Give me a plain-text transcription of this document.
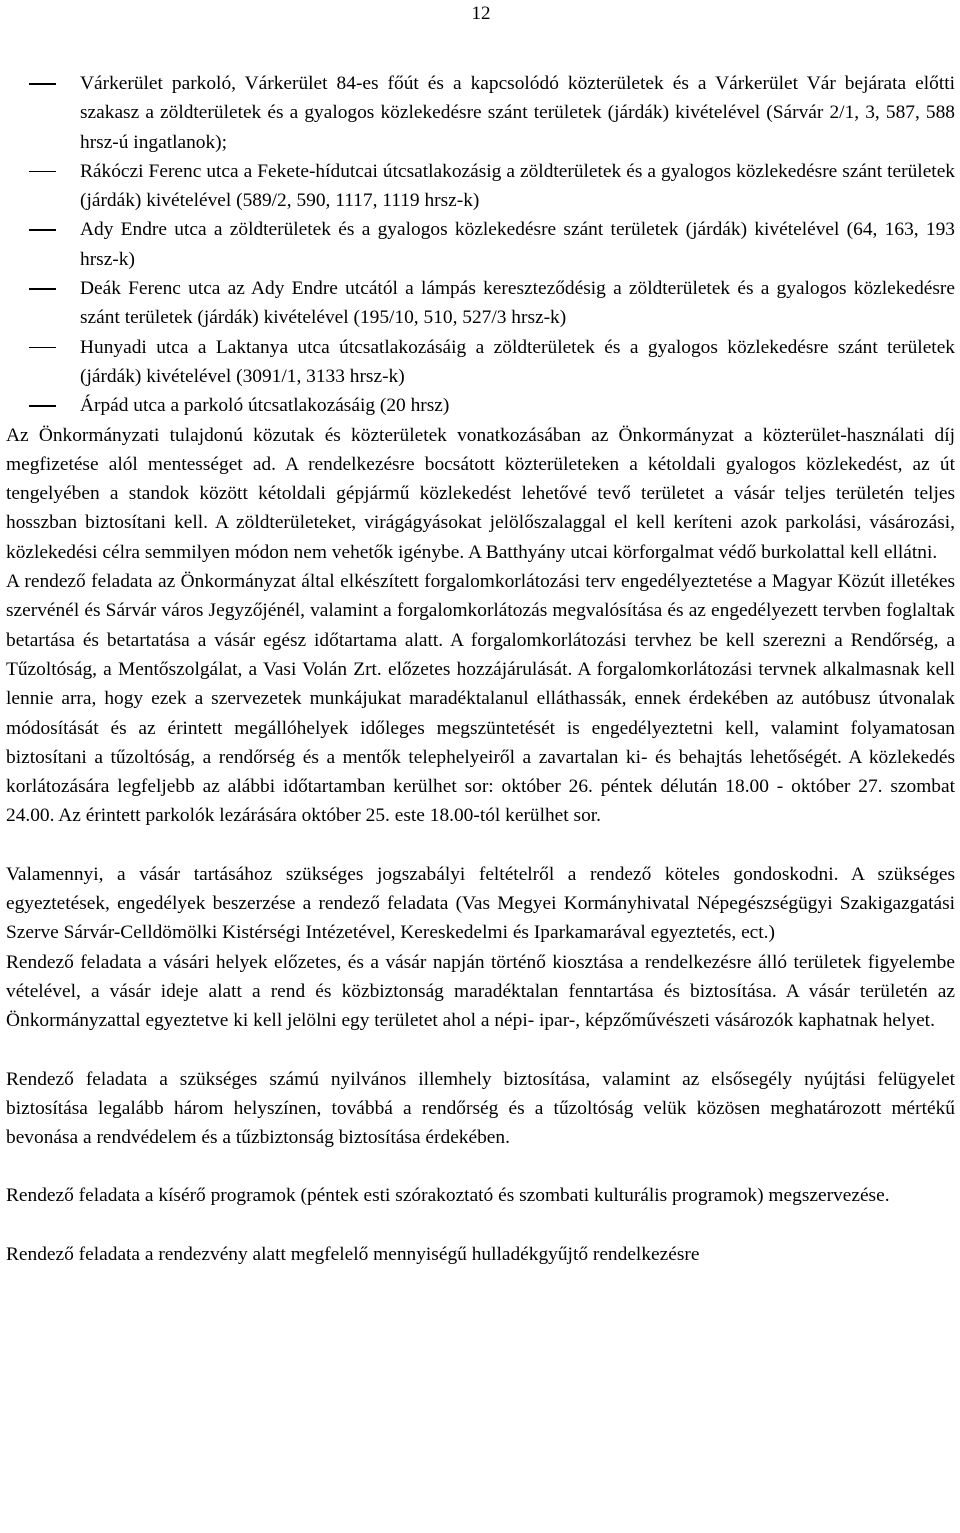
12
Várkerület parkoló, Várkerület 84-es főút és a kapcsolódó közterületek és a Várkerület Vár bejárata előtti szakasz a zöldterületek és a gyalogos közlekedésre szánt területek (járdák) kivételével (Sárvár 2/1, 3, 587, 588 hrsz-ú ingatlanok);
Rákóczi Ferenc utca a Fekete-hídutcai útcsatlakozásig a zöldterületek és a gyalogos közlekedésre szánt területek (járdák) kivételével (589/2, 590, 1117, 1119 hrsz-k)
Ady Endre utca a zöldterületek és a gyalogos közlekedésre szánt területek (járdák) kivételével (64, 163, 193 hrsz-k)
Deák Ferenc utca az Ady Endre utcától a lámpás kereszteződésig a zöldterületek és a gyalogos közlekedésre szánt területek (járdák) kivételével (195/10, 510, 527/3 hrsz-k)
Hunyadi utca a Laktanya utca útcsatlakozásáig a zöldterületek és a gyalogos közlekedésre szánt területek (járdák) kivételével (3091/1, 3133 hrsz-k)
Árpád utca a parkoló útcsatlakozásáig (20 hrsz)

Az Önkormányzati tulajdonú közutak és közterületek vonatkozásában az Önkormányzat a közterület-használati díj megfizetése alól mentességet ad. A rendelkezésre bocsátott közterületeken a kétoldali gyalogos közlekedést, az út tengelyében a standok között kétoldali gépjármű közlekedést lehetővé tevő területet a vásár teljes területén teljes hosszban biztosítani kell. A zöldterületeket, virágágyásokat jelölőszalaggal el kell keríteni azok parkolási, vásározási, közlekedési célra semmilyen módon nem vehetők igénybe. A Batthyány utcai körforgalmat védő burkolattal kell ellátni.

A rendező feladata az Önkormányzat által elkészített forgalomkorlátozási terv engedélyeztetése a Magyar Közút illetékes szervénél és Sárvár város Jegyzőjénél, valamint a forgalomkorlátozás megvalósítása és az engedélyezett tervben foglaltak betartása és betartatása a vásár egész időtartama alatt. A forgalomkorlátozási tervhez be kell szerezni a Rendőrség, a Tűzoltóság, a Mentőszolgálat, a Vasi Volán Zrt. előzetes hozzájárulását. A forgalomkorlátozási tervnek alkalmasnak kell lennie arra, hogy ezek a szervezetek munkájukat maradéktalanul elláthassák, ennek érdekében az autóbusz útvonalak módosítását és az érintett megállóhelyek időleges megszüntetését is engedélyeztetni kell, valamint folyamatosan biztosítani a tűzoltóság, a rendőrség és a mentők telephelyeiről a zavartalan ki- és behajtás lehetőségét. A közlekedés korlátozására legfeljebb az alábbi időtartamban kerülhet sor: október 26. péntek délután 18.00 - október 27. szombat 24.00. Az érintett parkolók lezárására október 25. este 18.00-tól kerülhet sor.

Valamennyi, a vásár tartásához szükséges jogszabályi feltételről a rendező köteles gondoskodni. A szükséges egyeztetések, engedélyek beszerzése a rendező feladata (Vas Megyei Kormányhivatal Népegészségügyi Szakigazgatási Szerve Sárvár-Celldömölki Kistérségi Intézetével, Kereskedelmi és Iparkamarával egyeztetés, ect.)

Rendező feladata a vásári helyek előzetes, és a vásár napján történő kiosztása a rendelkezésre álló területek figyelembe vételével, a vásár ideje alatt a rend és közbiztonság maradéktalan fenntartása és biztosítása. A vásár területén az Önkormányzattal egyeztetve ki kell jelölni egy területet ahol a népi- ipar-, képzőművészeti vásározók kaphatnak helyet.

Rendező feladata a szükséges számú nyilvános illemhely biztosítása, valamint az elsősegély nyújtási felügyelet biztosítása legalább három helyszínen, továbbá a rendőrség és a tűzoltóság velük közösen meghatározott mértékű bevonása a rendvédelem és a tűzbiztonság biztosítása érdekében.

Rendező feladata a kísérő programok (péntek esti szórakoztató és szombati kulturális programok) megszervezése.

Rendező feladata a rendezvény alatt megfelelő mennyiségű hulladékgyűjtő rendelkezésre
